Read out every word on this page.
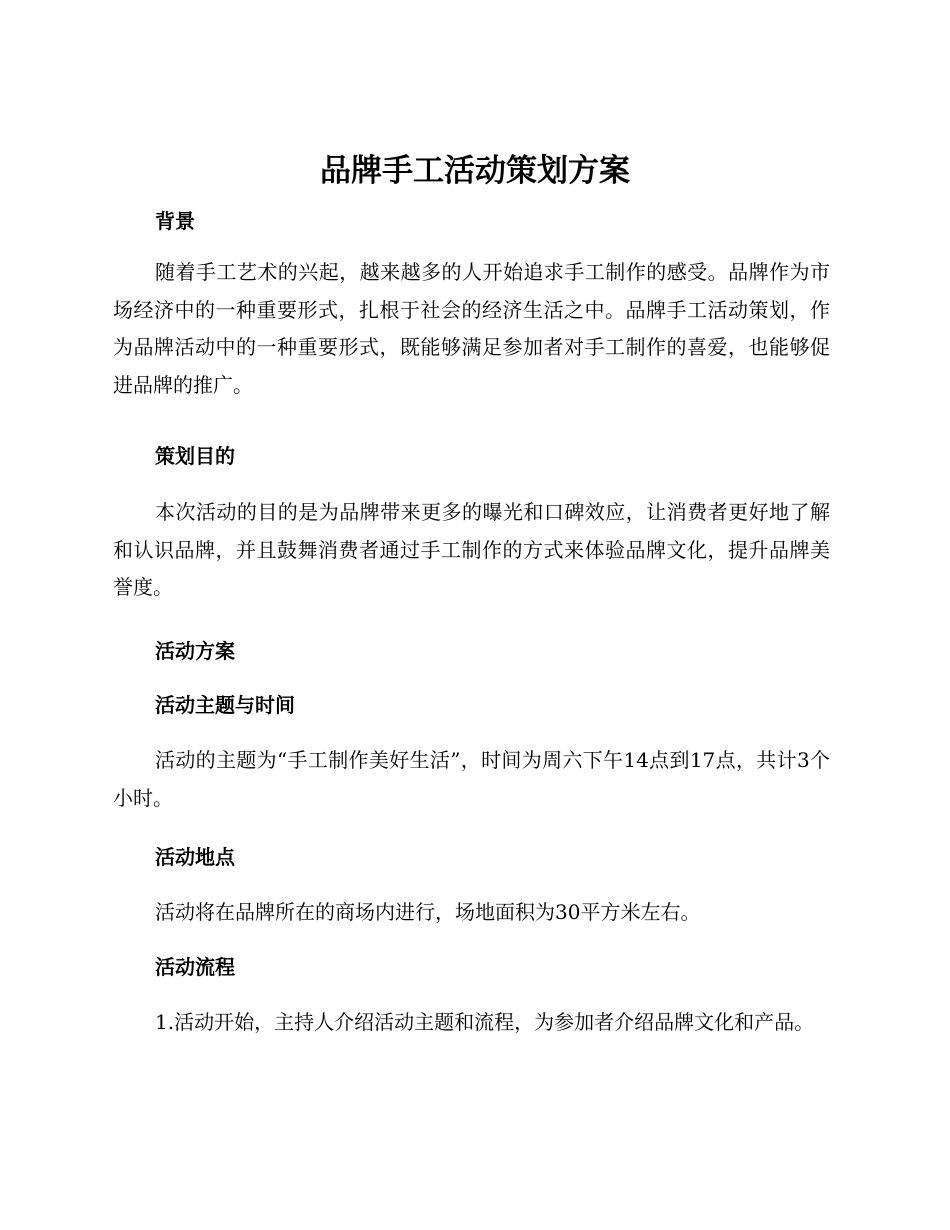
品牌手工活动策划方案
背景

随着手工艺术的兴起，越来越多的人开始追求手工制作的感受。品牌作为市场经济中的一种重要形式，扎根于社会的经济生活之中。品牌手工活动策划，作为品牌活动中的一种重要形式，既能够满足参加者对手工制作的喜爱，也能够促进品牌的推广。

策划目的

本次活动的目的是为品牌带来更多的曝光和口碑效应，让消费者更好地了解和认识品牌，并且鼓舞消费者通过手工制作的方式来体验品牌文化，提升品牌美誉度。

活动方案
活动主题与时间

活动的主题为“手工制作美好生活”，时间为周六下午14点到17点，共计3个小时。

活动地点

活动将在品牌所在的商场内进行，场地面积为30平方米左右。

活动流程

1.活动开始，主持人介绍活动主题和流程，为参加者介绍品牌文化和产品。
